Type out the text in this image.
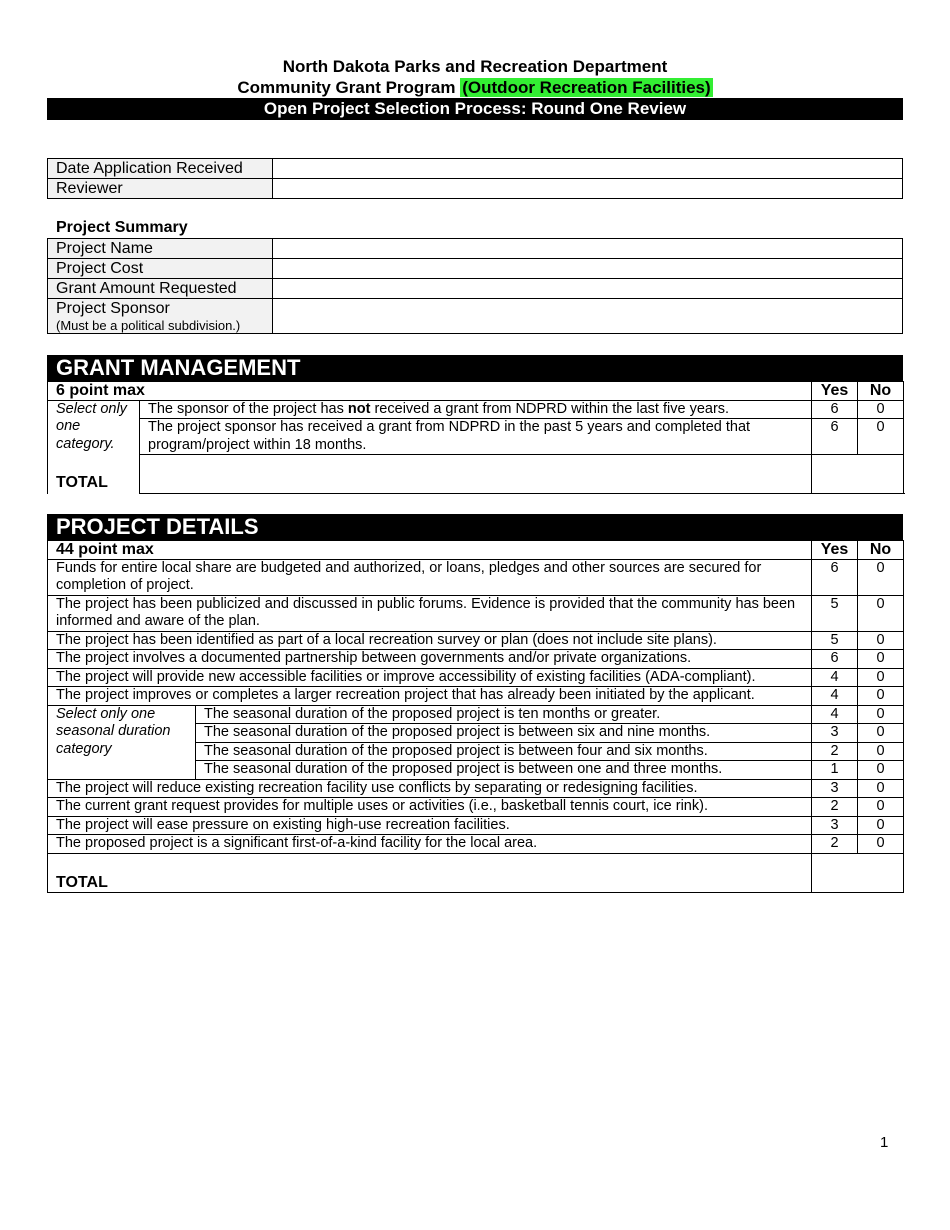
North Dakota Parks and Recreation Department
Community Grant Program (Outdoor Recreation Facilities)
Open Project Selection Process: Round One Review
Date Application Received	
Reviewer	
Project Summary
Project Name	
Project Cost	
Grant Amount Requested	
Project Sponsor
(Must be a political subdivision.)	

GRANT MANAGEMENT
6 point max		Yes	No	
Select only one category.	The sponsor of the project has not received a grant from NDPRD within the last five years.	6	0	
	The project sponsor has received a grant from NDPRD in the past 5 years and completed that program/project within 18 months.	6	0	

TOTAL
PROJECT DETAILS
44 point max		Yes	No
Funds for entire local share are budgeted and authorized, or loans, pledges and other sources are secured for completion of project.		6	0
The project has been publicized and discussed in public forums. Evidence is provided that the community has been informed and aware of the plan.		5	0
The project has been identified as part of a local recreation survey or plan (does not include site plans).		5	0
The project involves a documented partnership between governments and/or private organizations.		6	0
The project will provide new accessible facilities or improve accessibility of existing facilities (ADA-compliant).		4	0
The project improves or completes a larger recreation project that has already been initiated by the applicant.		4	0
Select only one seasonal duration category	The seasonal duration of the proposed project is ten months or greater.	4	0
	The seasonal duration of the proposed project is between six and nine months.	3	0
	The seasonal duration of the proposed project is between four and six months.	2	0
	The seasonal duration of the proposed project is between one and three months.	1	0
The project will reduce existing recreation facility use conflicts by separating or redesigning facilities.		3	0
The current grant request provides for multiple uses or activities (i.e., basketball tennis court, ice rink).		2	0
The project will ease pressure on existing high-use recreation facilities.		3	0
The proposed project is a significant first-of-a-kind facility for the local area.		2	0
TOTAL			
1
